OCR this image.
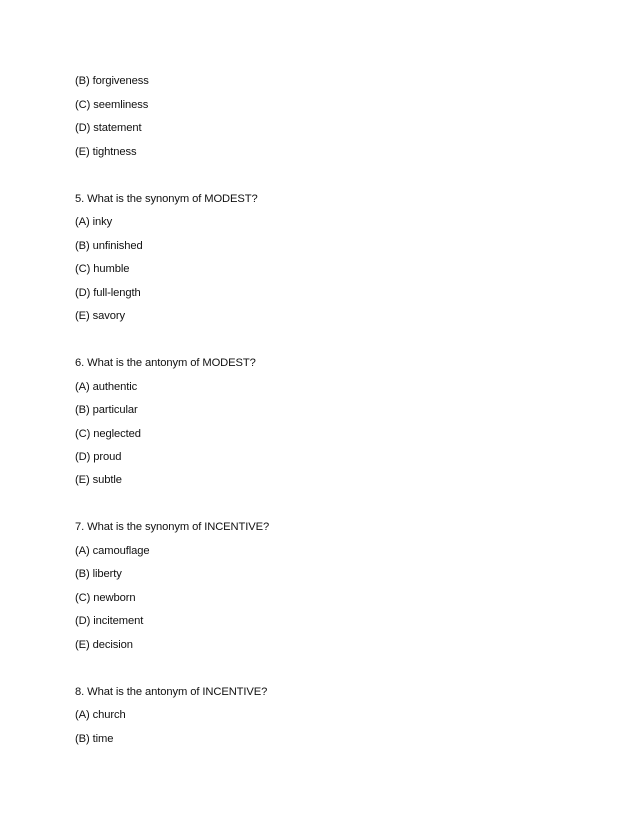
(B) forgiveness
(C) seemliness
(D) statement
(E) tightness
5. What is the synonym of MODEST?
(A) inky
(B) unfinished
(C) humble
(D) full-length
(E) savory
6. What is the antonym of MODEST?
(A) authentic
(B) particular
(C) neglected
(D) proud
(E) subtle
7. What is the synonym of INCENTIVE?
(A) camouflage
(B) liberty
(C) newborn
(D) incitement
(E) decision
8. What is the antonym of INCENTIVE?
(A) church
(B) time
